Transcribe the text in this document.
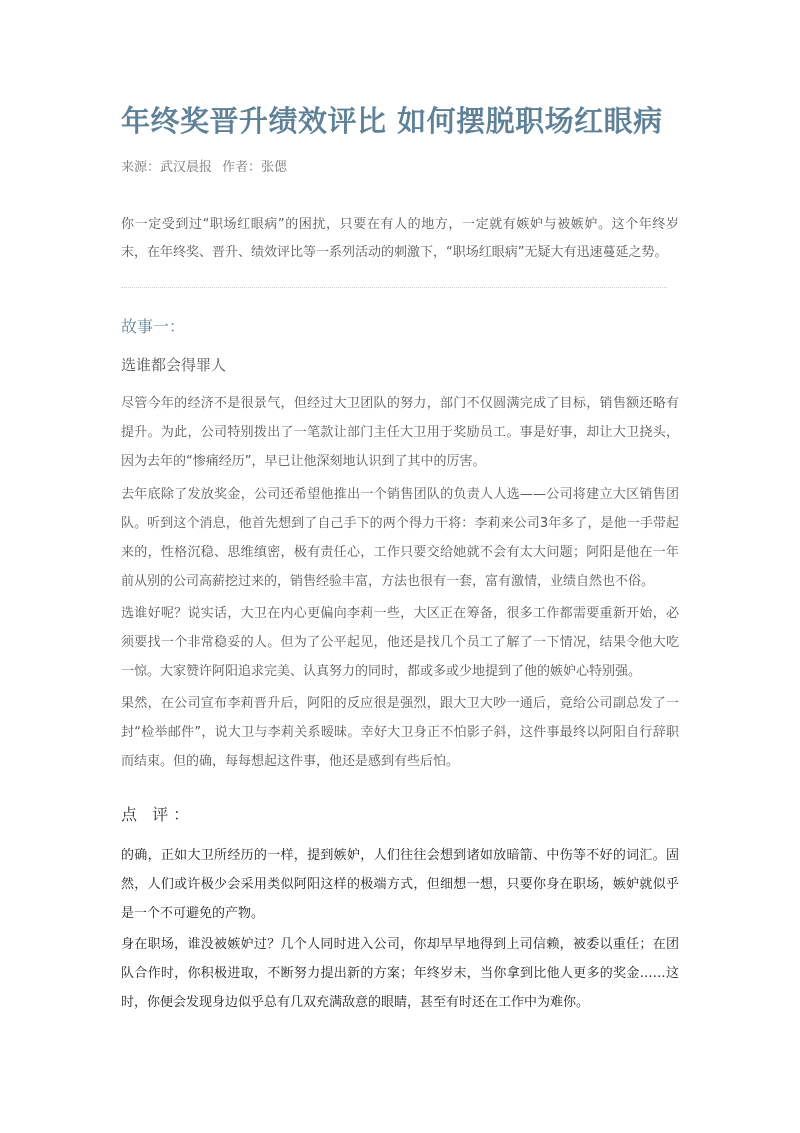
年终奖晋升绩效评比 如何摆脱职场红眼病
来源：武汉晨报 作者：张偲

你一定受到过“职场红眼病”的困扰，只要在有人的地方，一定就有嫉妒与被嫉妒。这个年终岁末，在年终奖、晋升、绩效评比等一系列活动的刺激下，“职场红眼病”无疑大有迅速蔓延之势。

故事一：
选谁都会得罪人

尽管今年的经济不是很景气，但经过大卫团队的努力，部门不仅圆满完成了目标，销售额还略有提升。为此，公司特别拨出了一笔款让部门主任大卫用于奖励员工。事是好事，却让大卫挠头，因为去年的“惨痛经历”，早已让他深刻地认识到了其中的厉害。

去年底除了发放奖金，公司还希望他推出一个销售团队的负责人人选——公司将建立大区销售团队。听到这个消息，他首先想到了自己手下的两个得力干将：李莉来公司3年多了，是他一手带起来的，性格沉稳、思维缜密，极有责任心，工作只要交给她就不会有太大问题；阿阳是他在一年前从别的公司高薪挖过来的，销售经验丰富，方法也很有一套，富有激情，业绩自然也不俗。

选谁好呢？说实话，大卫在内心更偏向李莉一些，大区正在筹备，很多工作都需要重新开始，必须要找一个非常稳妥的人。但为了公平起见，他还是找几个员工了解了一下情况，结果令他大吃一惊。大家赞许阿阳追求完美、认真努力的同时，都或多或少地提到了他的嫉妒心特别强。

果然，在公司宣布李莉晋升后，阿阳的反应很是强烈，跟大卫大吵一通后，竟给公司副总发了一封“检举邮件”，说大卫与李莉关系暧昧。幸好大卫身正不怕影子斜，这件事最终以阿阳自行辞职而结束。但的确，每每想起这件事，他还是感到有些后怕。

点 评：

的确，正如大卫所经历的一样，提到嫉妒，人们往往会想到诸如放暗箭、中伤等不好的词汇。固然，人们或许极少会采用类似阿阳这样的极端方式，但细想一想，只要你身在职场，嫉妒就似乎是一个不可避免的产物。

身在职场，谁没被嫉妒过？几个人同时进入公司，你却早早地得到上司信赖，被委以重任；在团队合作时，你积极进取，不断努力提出新的方案；年终岁末，当你拿到比他人更多的奖金……这时，你便会发现身边似乎总有几双充满敌意的眼睛，甚至有时还在工作中为难你。
